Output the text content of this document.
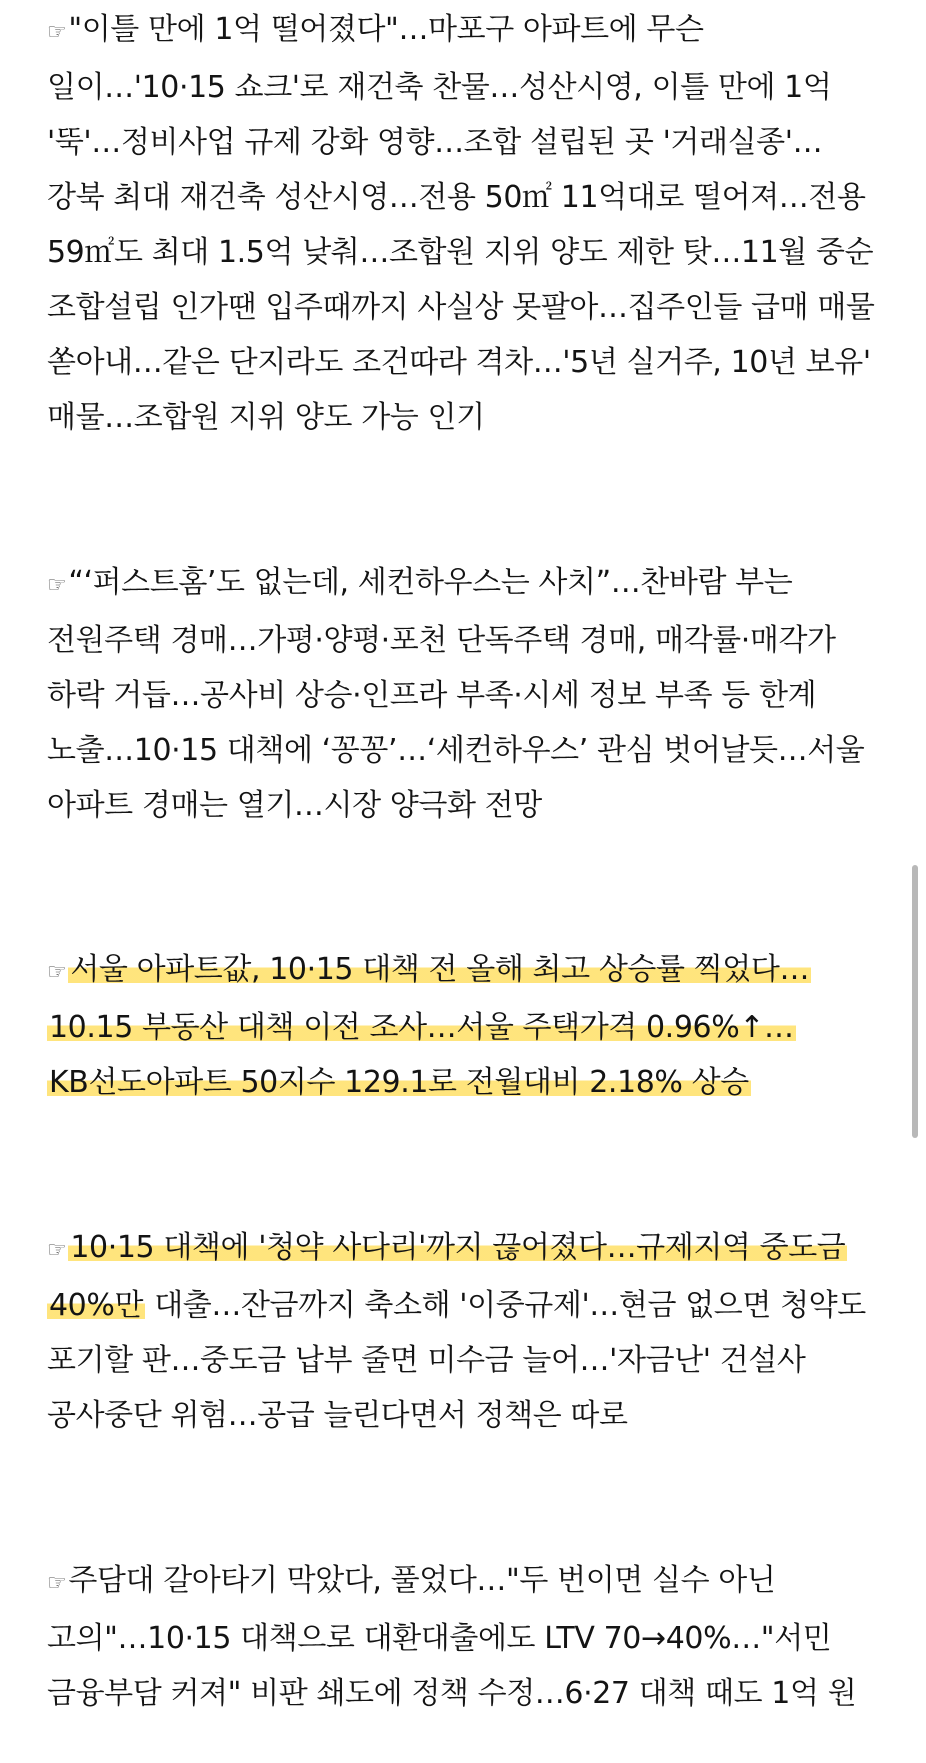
☞"이틀 만에 1억 떨어졌다"…마포구 아파트에 무슨 일이…'10·15 쇼크'로 재건축 찬물…성산시영, 이틀 만에 1억 '뚝'…정비사업 규제 강화 영향…조합 설립된 곳 '거래실종'…강북 최대 재건축 성산시영…전용 50㎡ 11억대로 떨어져…전용 59㎡도 최대 1.5억 낮춰…조합원 지위 양도 제한 탓…11월 중순 조합설립 인가땐 입주때까지 사실상 못팔아…집주인들 급매 매물 쏟아내…같은 단지라도 조건따라 격차…'5년 실거주, 10년 보유' 매물…조합원 지위 양도 가능 인기

☞“‘퍼스트홈’도 없는데, 세컨하우스는 사치”…찬바람 부는 전원주택 경매…가평·양평·포천 단독주택 경매, 매각률·매각가 하락 거듭…공사비 상승·인프라 부족·시세 정보 부족 등 한계 노출…10·15 대책에 ‘꽁꽁’…‘세컨하우스’ 관심 벗어날듯…서울 아파트 경매는 열기…시장 양극화 전망

☞ 서울 아파트값, 10·15 대책 전 올해 최고 상승률 찍었다…10.15 부동산 대책 이전 조사…서울 주택가격 0.96%↑…KB선도아파트 50지수 129.1로 전월대비 2.18% 상승

☞ 10·15 대책에 '청약 사다리'까지 끊어졌다…규제지역 중도금 40%만 대출…잔금까지 축소해 '이중규제'…현금 없으면 청약도 포기할 판…중도금 납부 줄면 미수금 늘어…'자금난' 건설사 공사중단 위험…공급 늘린다면서 정책은 따로

☞주담대 갈아타기 막았다, 풀었다…"두 번이면 실수 아닌 고의"…10·15 대책으로 대환대출에도 LTV 70→40%…"서민 금융부담 커져" 비판 쇄도에 정책 수정…6·27 대책 때도 1억 원
